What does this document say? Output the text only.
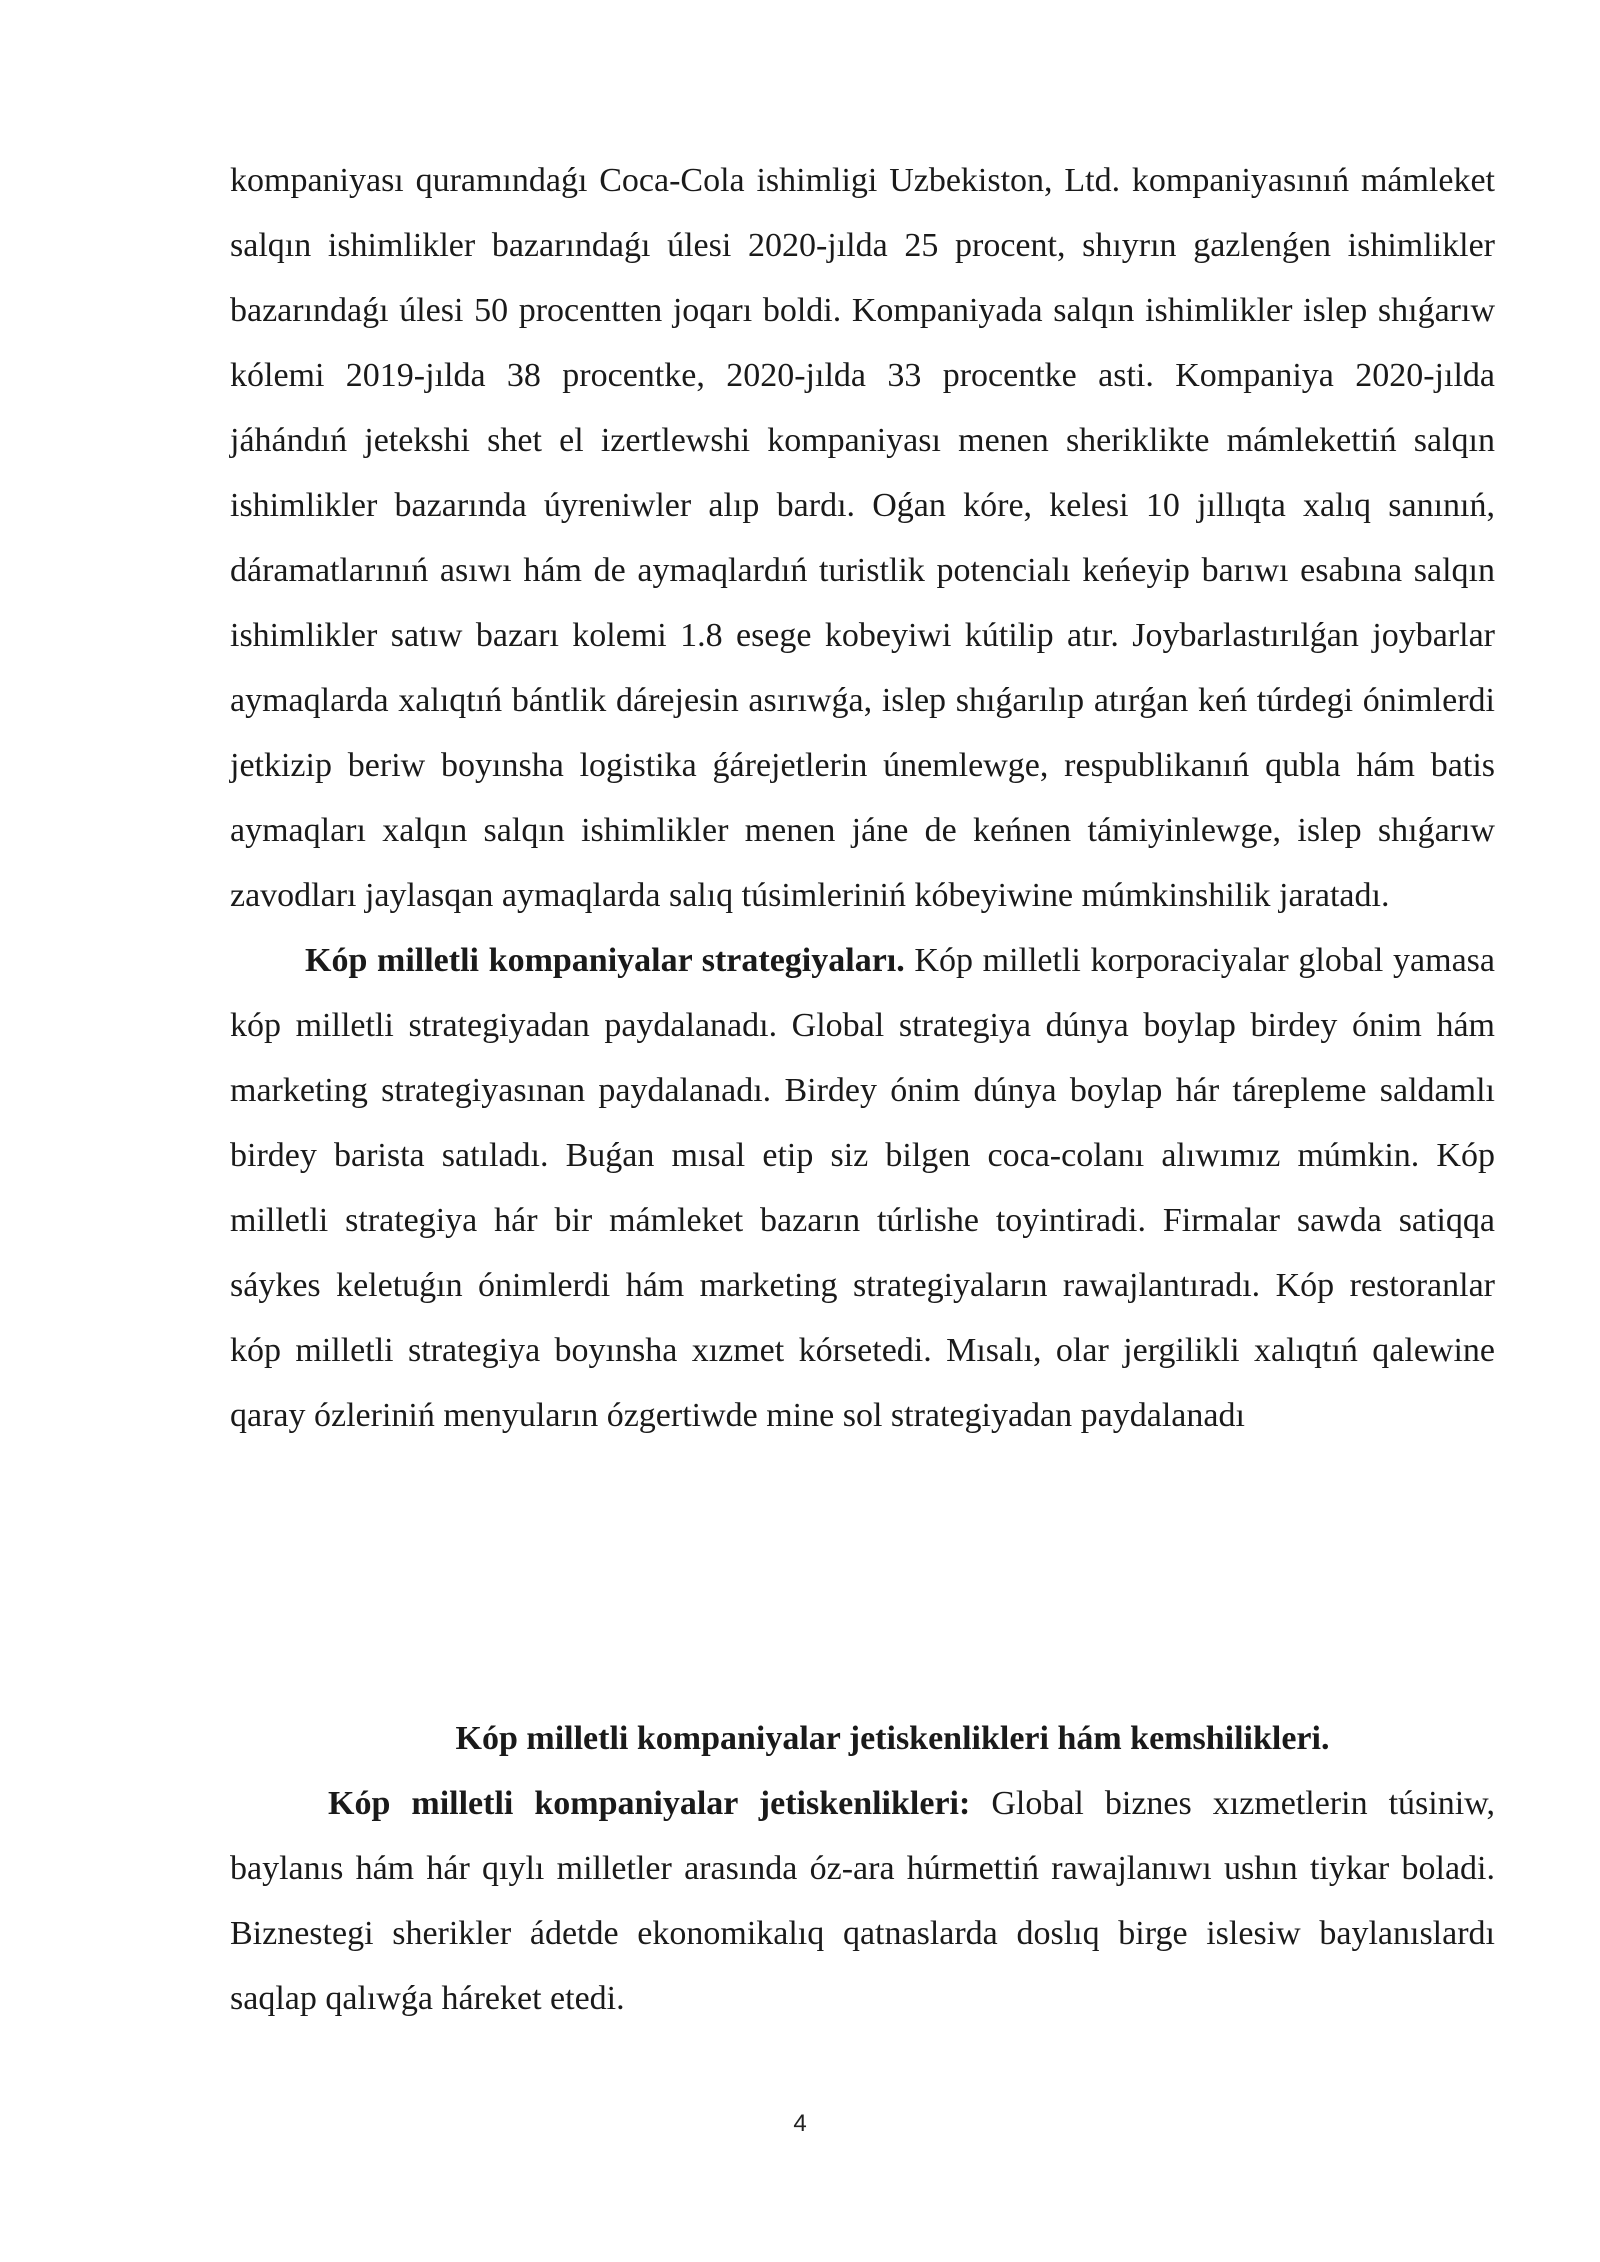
kompaniyası quramındaǵı Coca-Cola ishimligi Uzbekiston, Ltd. kompaniyasınıń mámleket salqın ishimlikler bazarındaǵı úlesi 2020-jılda 25 procent, shıyrın gazlenǵen ishimlikler bazarındaǵı úlesi 50 procentten joqarı boldi. Kompaniyada salqın ishimlikler islep shıǵarıw kólemi 2019-jılda 38 procentke, 2020-jılda 33 procentke asti. Kompaniya 2020-jılda jáhándıń jetekshi shet el izertlewshi kompaniyası menen sheriklikte mámlekettiń salqın ishimlikler bazarında úyreniwler alıp bardı. Oǵan kóre, kelesi 10 jıllıqta xalıq sanınıń, dáramatlarınıń asıwı hám de aymaqlardıń turistlik potencialı keńeyip barıwı esabına salqın ishimlikler satıw bazarı kolemi 1.8 esege kobeyiwi kútilip atır. Joybarlastırılǵan joybarlar aymaqlarda xalıqtıń bántlik dárejesin asırıwǵa, islep shıǵarılıp atırǵan keń túrdegi ónimlerdi jetkizip beriw boyınsha logistika ǵárejetlerin únemlewge, respublikanıń qubla hám batis aymaqları xalqın salqın ishimlikler menen jáne de keńnen támiyinlewge, islep shıǵarıw zavodları jaylasqan aymaqlarda salıq túsimleriniń kóbeyiwine múmkinshilik jaratadı.

Kóp milletli kompaniyalar strategiyaları. Kóp milletli korporaciyalar global yamasa kóp milletli strategiyadan paydalanadı. Global strategiya dúnya boylap birdey ónim hám marketing strategiyasınan paydalanadı. Birdey ónim dúnya boylap hár tárepleme saldamlı birdey barista satıladı. Buǵan mısal etip siz bilgen coca-colanı alıwımız múmkin. Kóp milletli strategiya hár bir mámleket bazarın túrlishe toyintiradi. Firmalar sawda satiqqa sáykes keletuǵın ónimlerdi hám marketing strategiyaların rawajlantıradı. Kóp restoranlar kóp milletli strategiya boyınsha xızmet kórsetedi. Mısalı, olar jergilikli xalıqtıń qalewine qaray ózleriniń menyuların ózgertiwde mine sol strategiyadan paydalanadı

Kóp milletli kompaniyalar jetiskenlikleri hám kemshilikleri.

Kóp milletli kompaniyalar jetiskenlikleri: Global biznes xızmetlerin túsiniw, baylanıs hám hár qıylı milletler arasında óz-ara húrmettiń rawajlanıwı ushın tiykar boladi. Biznestegi sherikler ádetde ekonomikalıq qatnaslarda doslıq birge islesiw baylanıslardı saqlap qalıwǵa háreket etedi.

4
